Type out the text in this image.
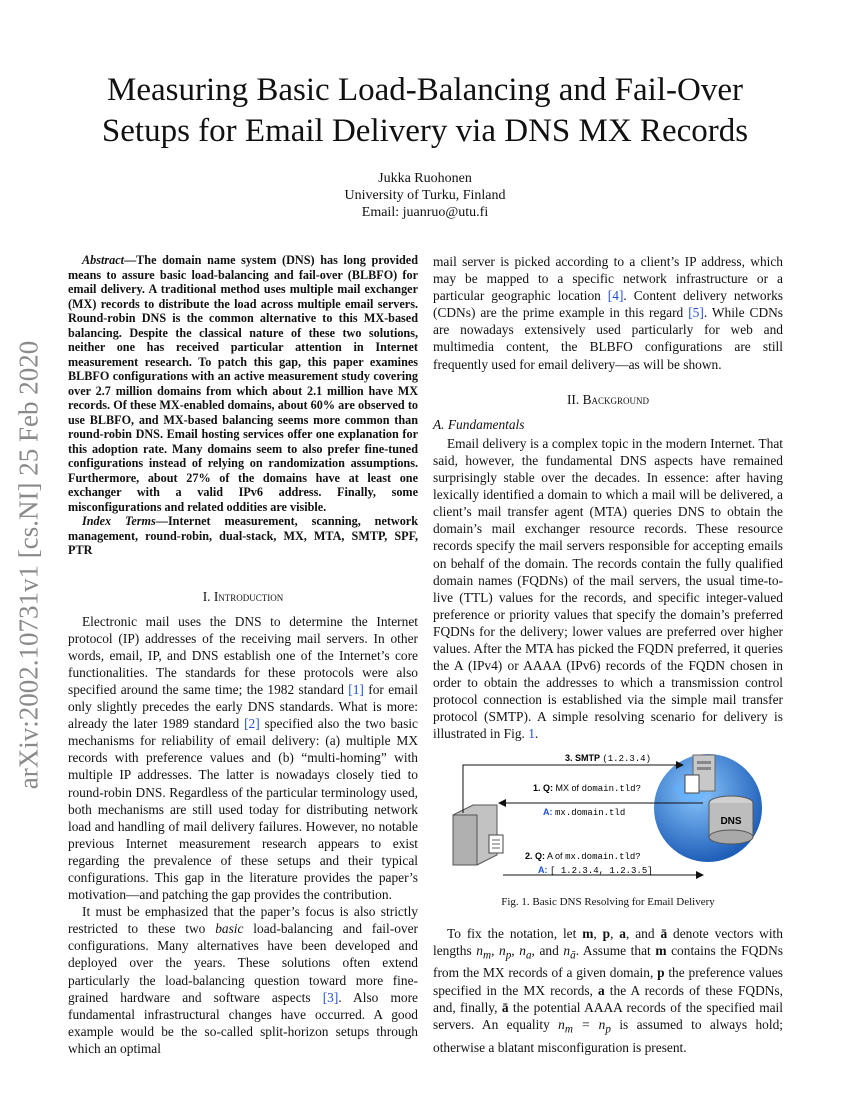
arXiv:2002.10731v1 [cs.NI] 25 Feb 2020
Measuring Basic Load-Balancing and Fail-Over
Setups for Email Delivery via DNS MX Records
Jukka Ruohonen
University of Turku, Finland
Email: juanruo@utu.fi

Abstract—The domain name system (DNS) has long provided means to assure basic load-balancing and fail-over (BLBFO) for email delivery. A traditional method uses multiple mail exchanger (MX) records to distribute the load across multiple email servers. Round-robin DNS is the common alternative to this MX-based balancing. Despite the classical nature of these two solutions, neither one has received particular attention in Internet measurement research. To patch this gap, this paper examines BLBFO configurations with an active measurement study covering over 2.7 million domains from which about 2.1 million have MX records. Of these MX-enabled domains, about 60% are observed to use BLBFO, and MX-based balancing seems more common than round-robin DNS. Email hosting services offer one explanation for this adoption rate. Many domains seem to also prefer fine-tuned configurations instead of relying on randomization assumptions. Furthermore, about 27% of the domains have at least one exchanger with a valid IPv6 address. Finally, some misconfigurations and related oddities are visible.

Index Terms—Internet measurement, scanning, network management, round-robin, dual-stack, MX, MTA, SMTP, SPF, PTR

I. Introduction

Electronic mail uses the DNS to determine the Internet protocol (IP) addresses of the receiving mail servers. In other words, email, IP, and DNS establish one of the Internet’s core functionalities. The standards for these protocols were also specified around the same time; the 1982 standard [1] for email only slightly precedes the early DNS standards. What is more: already the later 1989 standard [2] specified also the two basic mechanisms for reliability of email delivery: (a) multiple MX records with preference values and (b) “multi-homing” with multiple IP addresses. The latter is nowadays closely tied to round-robin DNS. Regardless of the particular terminology used, both mechanisms are still used today for distributing network load and handling of mail delivery failures. However, no notable previous Internet measurement research appears to exist regarding the prevalence of these setups and their typical configurations. This gap in the literature provides the paper’s motivation—and patching the gap provides the contribution.

It must be emphasized that the paper’s focus is also strictly restricted to these two basic load-balancing and fail-over configurations. Many alternatives have been developed and deployed over the years. These solutions often extend particularly the load-balancing question toward more fine-grained hardware and software aspects [3]. Also more fundamental infrastructural changes have occurred. A good example would be the so-called split-horizon setups through which an optimal

mail server is picked according to a client’s IP address, which may be mapped to a specific network infrastructure or a particular geographic location [4]. Content delivery networks (CDNs) are the prime example in this regard [5]. While CDNs are nowadays extensively used particularly for web and multimedia content, the BLBFO configurations are still frequently used for email delivery—as will be shown.

II. Background
A. Fundamentals

Email delivery is a complex topic in the modern Internet. That said, however, the fundamental DNS aspects have remained surprisingly stable over the decades. In essence: after having lexically identified a domain to which a mail will be delivered, a client’s mail transfer agent (MTA) queries DNS to obtain the domain’s mail exchanger resource records. These resource records specify the mail servers responsible for accepting emails on behalf of the domain. The records contain the fully qualified domain names (FQDNs) of the mail servers, the usual time-to-live (TTL) values for the records, and specific integer-valued preference or priority values that specify the domain’s preferred FQDNs for the delivery; lower values are preferred over higher values. After the MTA has picked the FQDN preferred, it queries the A (IPv4) or AAAA (IPv6) records of the FQDN chosen in order to obtain the addresses to which a transmission control protocol connection is established via the simple mail transfer protocol (SMTP). A simple resolving scenario for delivery is illustrated in Fig. 1.

DNS
3. SMTP (1.2.3.4)
1. Q: MX of domain.tld?
A: mx.domain.tld
2. Q: A of mx.domain.tld?
A: [ 1.2.3.4, 1.2.3.5]
Fig. 1. Basic DNS Resolving for Email Delivery

To fix the notation, let m, p, a, and ā denote vectors with lengths $n_m$, $n_p$, $n_a$, and $n_{ā}$. Assume that m contains the FQDNs from the MX records of a given domain, p the preference values specified in the MX records, a the A records of these FQDNs, and, finally, ā the potential AAAA records of the specified mail servers. An equality $n_m = n_p$ is assumed to always hold; otherwise a blatant misconfiguration is present.
